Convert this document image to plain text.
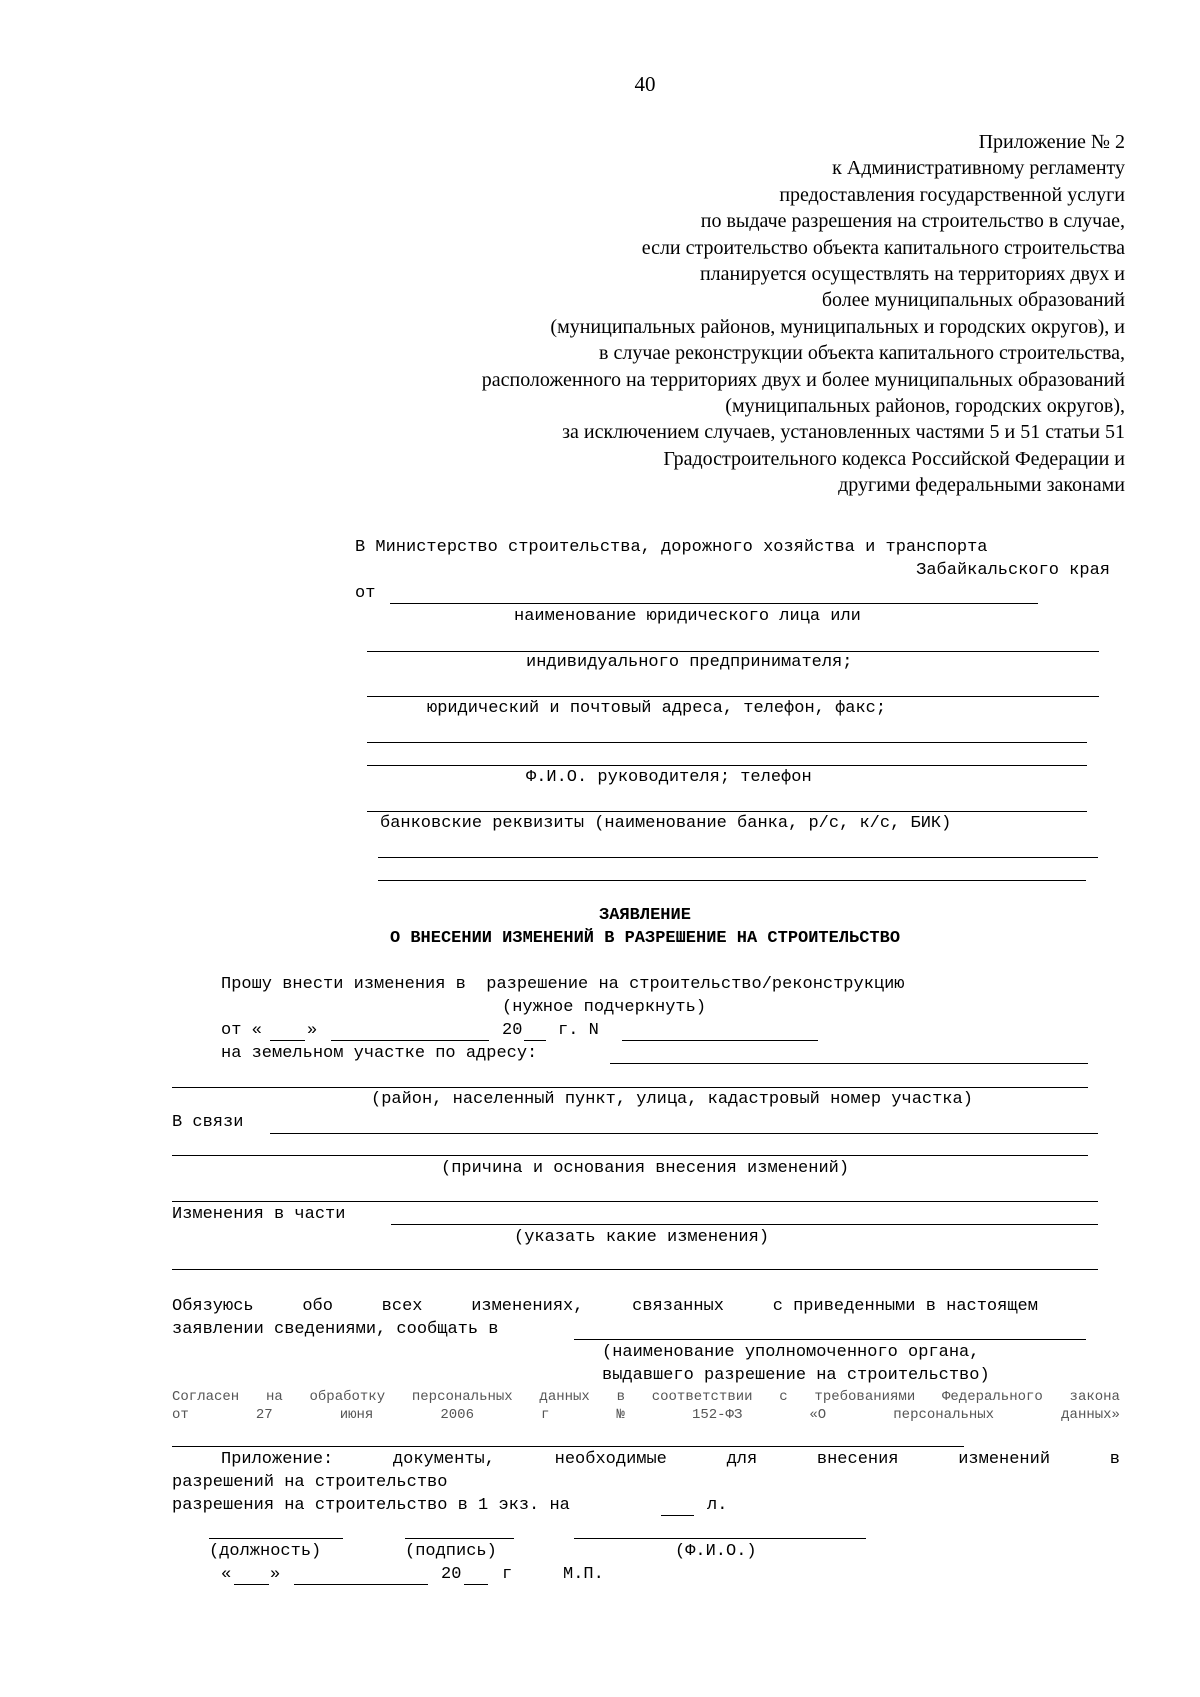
40
Приложение № 2
к Административному регламенту
предоставления государственной услуги
по выдаче разрешения на строительство в случае,
если строительство объекта капитального строительства
планируется осуществлять на территориях двух и
более муниципальных образований
(муниципальных районов, муниципальных и городских округов), и
в случае реконструкции объекта капитального строительства,
расположенного на территориях двух и более муниципальных образований
(муниципальных районов, городских округов),
за исключением случаев, установленных частями 5 и 51 статьи 51
Градостроительного кодекса Российской Федерации и
другими федеральными законами
В Министерство строительства, дорожного хозяйства и транспорта
Забайкальского края
от
наименование юридического лица или
индивидуального предпринимателя;
юридический и почтовый адреса, телефон, факс;
Ф.И.О. руководителя; телефон
банковские реквизиты (наименование банка, р/с, к/с, БИК)
ЗАЯВЛЕНИЕ
О ВНЕСЕНИИ ИЗМЕНЕНИЙ В РАЗРЕШЕНИЕ НА СТРОИТЕЛЬСТВО
Прошу внести изменения в  разрешение на строительство/реконструкцию
(нужное подчеркнуть)
от «	»	20 г. N
на земельном участке по адресу:
(район, населенный пункт, улица, кадастровый номер участка)
В связи
(причина и основания внесения изменений)
Изменения в части
(указать какие изменения)
Обязуюсь	обо	всех	изменениях,	связанных	с приведенными в настоящем
заявлении сведениями, сообщать в
(наименование уполномоченного органа,
выдавшего разрешение на строительство)
Согласен на обработку персональных данных в соответствии с требованиями Федерального закона
от	27	июня	2006	г	№	152-ФЗ	«О	персональных	данных»
Приложение:	документы,	необходимые	для	внесения	изменений	в
разрешений на строительство
разрешения на строительство в 1 экз. на	л.
(должность)	(подпись)	(Ф.И.О.)
« »	20 г	М.П.
